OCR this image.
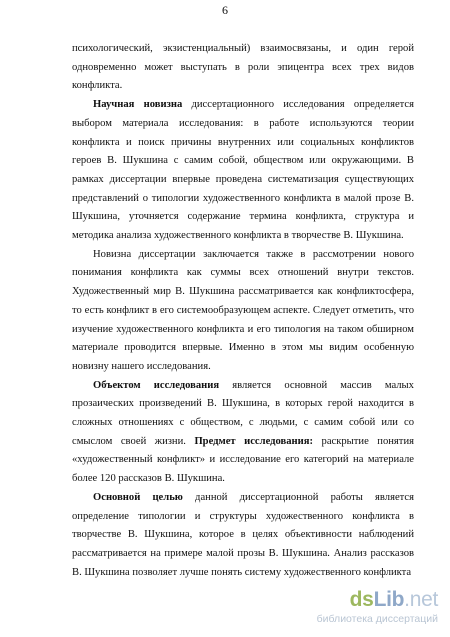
6

психологический, экзистенциальный) взаимосвязаны, и один герой одновременно может выступать в роли эпицентра всех трех видов конфликта.

Научная новизна диссертационного исследования определяется выбором материала исследования: в работе используются теории конфликта и поиск причины внутренних или социальных конфликтов героев В. Шукшина с самим собой, обществом или окружающими. В рамках диссертации впервые проведена систематизация существующих представлений о типологии художественного конфликта в малой прозе В. Шукшина, уточняется содержание термина конфликта, структура и методика анализа художественного конфликта в творчестве В. Шукшина.

Новизна диссертации заключается также в рассмотрении нового понимания конфликта как суммы всех отношений внутри текстов. Художественный мир В. Шукшина рассматривается как конфликтосфера, то есть конфликт в его системообразующем аспекте. Следует отметить, что изучение художественного конфликта и его типология на таком обширном материале проводится впервые. Именно в этом мы видим особенную новизну нашего исследования.

Объектом исследования является основной массив малых прозаических произведений В. Шукшина, в которых герой находится в сложных отношениях с обществом, с людьми, с самим собой или со смыслом своей жизни. Предмет исследования: раскрытие понятия «художественный конфликт» и исследование его категорий на материале более 120 рассказов В. Шукшина.

Основной целью данной диссертационной работы является определение типологии и структуры художественного конфликта в творчестве В. Шукшина, которое в целях объективности наблюдений рассматривается на примере малой прозы В. Шукшина. Анализ рассказов В. Шукшина позволяет лучше понять систему художественного конфликта

dsLib.net
библиотека диссертаций
